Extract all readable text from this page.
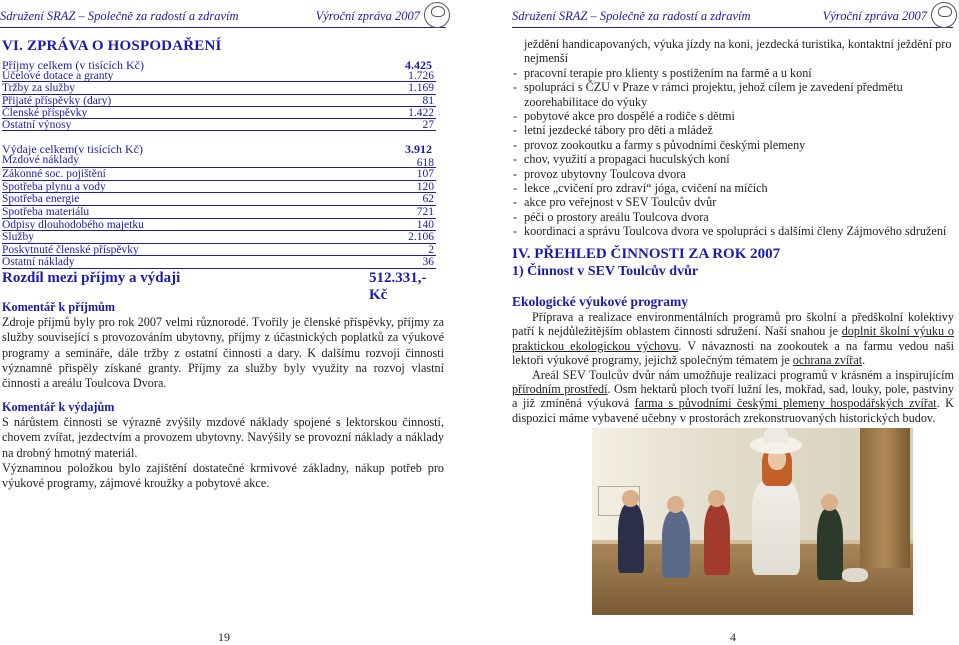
Sdružení SRAZ – Společně za radostí a zdravím	Výroční zpráva 2007
VI. ZPRÁVA O HOSPODAŘENÍ
Příjmy celkem (v tisících Kč)	4.425
Účelové dotace a granty	1.726
Tržby za služby	1.169
Přijaté příspěvky (dary)	81
Členské příspěvky	1.422
Ostatní výnosy	27
Výdaje celkem(v tisících Kč)	3.912
Mzdové náklady	618
Zákonné soc. pojištění	107
Spotřeba plynu a vody	120
Spotřeba energie	62
Spotřeba materiálu	721
Odpisy dlouhodobého majetku	140
Služby	2.106
Poskytnuté členské příspěvky	2
Ostatní náklady	36
Rozdíl mezi příjmy a výdaji	512.331,- Kč
Komentář k příjmům
Zdroje příjmů byly pro rok 2007 velmi různorodé. Tvořily je členské příspěvky, příjmy za služby související s provozováním ubytovny, příjmy z účastnických poplatků za výukové programy a semináře, dále tržby z ostatní činnosti a dary. K dalšímu rozvoji činnosti významně přispěly získané granty. Příjmy za služby byly využity na rozvoj vlastní činnosti a areálu Toulcova Dvora.
Komentář k výdajům
S nárůstem činnosti se výrazně zvýšily mzdové náklady spojené s lektorskou činností, chovem zvířat, jezdectvím a provozem ubytovny. Navýšily se provozní náklady a náklady na drobný hmotný materiál.
Významnou položkou bylo zajištění dostatečné krmivové základny, nákup potřeb pro výukové programy, zájmové kroužky a pobytové akce.
19
Sdružení SRAZ – Společně za radostí a zdravím	Výroční zpráva 2007
ježdění handicapovaných, výuka jízdy na koni, jezdecká turistika, kontaktní ježdění pro nejmenší
- pracovní terapie pro klienty s postižením na farmě a u koní
- spolupráci s ČZU v Praze v rámci projektu, jehož cílem je zavedení předmětu zoorehabilitace do výuky
- pobytové akce pro dospělé a rodiče s dětmi
- letní jezdecké tábory pro děti a mládež
- provoz zookoutku a farmy s původními českými plemeny
- chov, využití a propagaci huculských koní
- provoz ubytovny Toulcova dvora
- lekce „cvičení pro zdraví“ jóga, cvičení na míčích
- akce pro veřejnost v SEV Toulcův dvůr
- péči o prostory areálu Toulcova dvora
- koordinaci a správu Toulcova dvora ve spolupráci s dalšími členy Zájmového sdružení
IV. PŘEHLED ČINNOSTI ZA ROK 2007
1) Činnost v SEV Toulcův dvůr
Ekologické výukové programy
Příprava a realizace environmentálních programů pro školní a předškolní kolektivy patří k nejdůležitějším oblastem činnosti sdružení. Naší snahou je doplnit školní výuku o praktickou ekologickou výchovu. V návaznosti na zookoutek a na farmu vedou naši lektoři výukové programy, jejichž společným tématem je ochrana zvířat.
Areál SEV Toulcův dvůr nám umožňuje realizaci programů v krásném a inspirujícím přírodním prostředí. Osm hektarů ploch tvoří lužní les, mokřad, sad, louky, pole, pastviny a již zmíněná výuková farma s původními českými plemeny hospodářských zvířat. K dispozici máme vybavené učebny v prostorách zrekonstruovaných historických budov.
4
